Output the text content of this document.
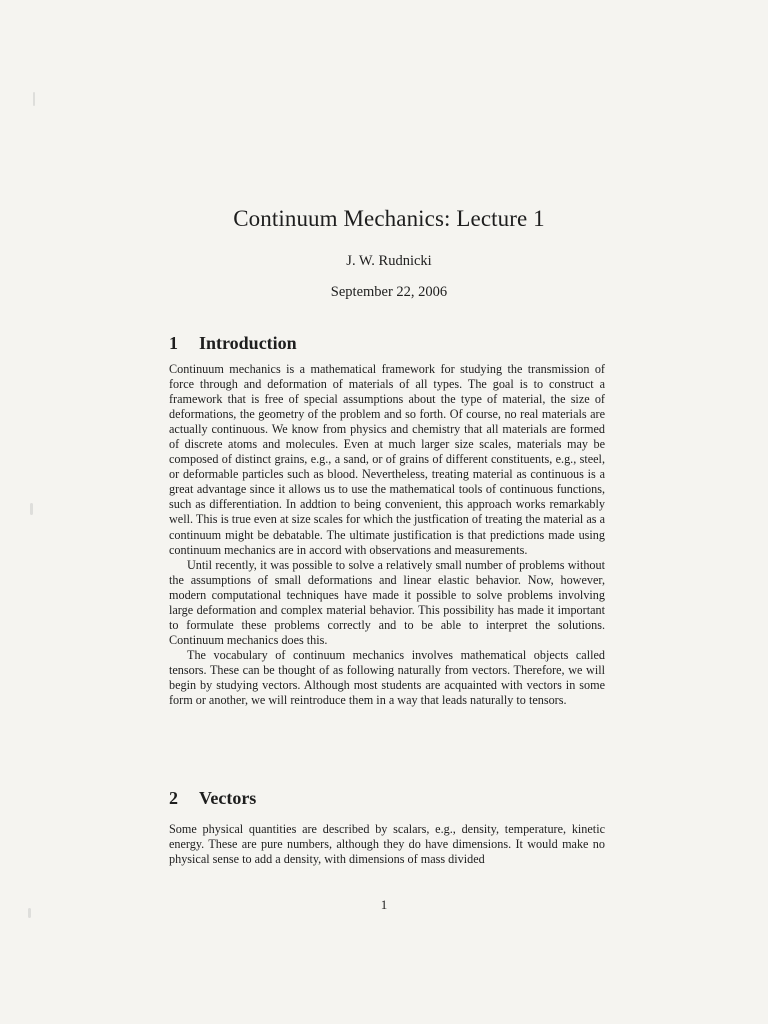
Continuum Mechanics: Lecture 1
J. W. Rudnicki
September 22, 2006
1 Introduction

Continuum mechanics is a mathematical framework for studying the transmission of force through and deformation of materials of all types. The goal is to construct a framework that is free of special assumptions about the type of material, the size of deformations, the geometry of the problem and so forth. Of course, no real materials are actually continuous. We know from physics and chemistry that all materials are formed of discrete atoms and molecules. Even at much larger size scales, materials may be composed of distinct grains, e.g., a sand, or of grains of different constituents, e.g., steel, or deformable particles such as blood. Nevertheless, treating material as continuous is a great advantage since it allows us to use the mathematical tools of continuous functions, such as differentiation. In addtion to being convenient, this approach works remarkably well. This is true even at size scales for which the justfication of treating the material as a continuum might be debatable. The ultimate justification is that predictions made using continuum mechanics are in accord with observations and measurements.

Until recently, it was possible to solve a relatively small number of problems without the assumptions of small deformations and linear elastic behavior. Now, however, modern computational techniques have made it possible to solve problems involving large deformation and complex material behavior. This possibility has made it important to formulate these problems correctly and to be able to interpret the solutions. Continuum mechanics does this.

The vocabulary of continuum mechanics involves mathematical objects called tensors. These can be thought of as following naturally from vectors. Therefore, we will begin by studying vectors. Although most students are acquainted with vectors in some form or another, we will reintroduce them in a way that leads naturally to tensors.

2 Vectors

Some physical quantities are described by scalars, e.g., density, temperature, kinetic energy. These are pure numbers, although they do have dimensions. It would make no physical sense to add a density, with dimensions of mass divided

1
